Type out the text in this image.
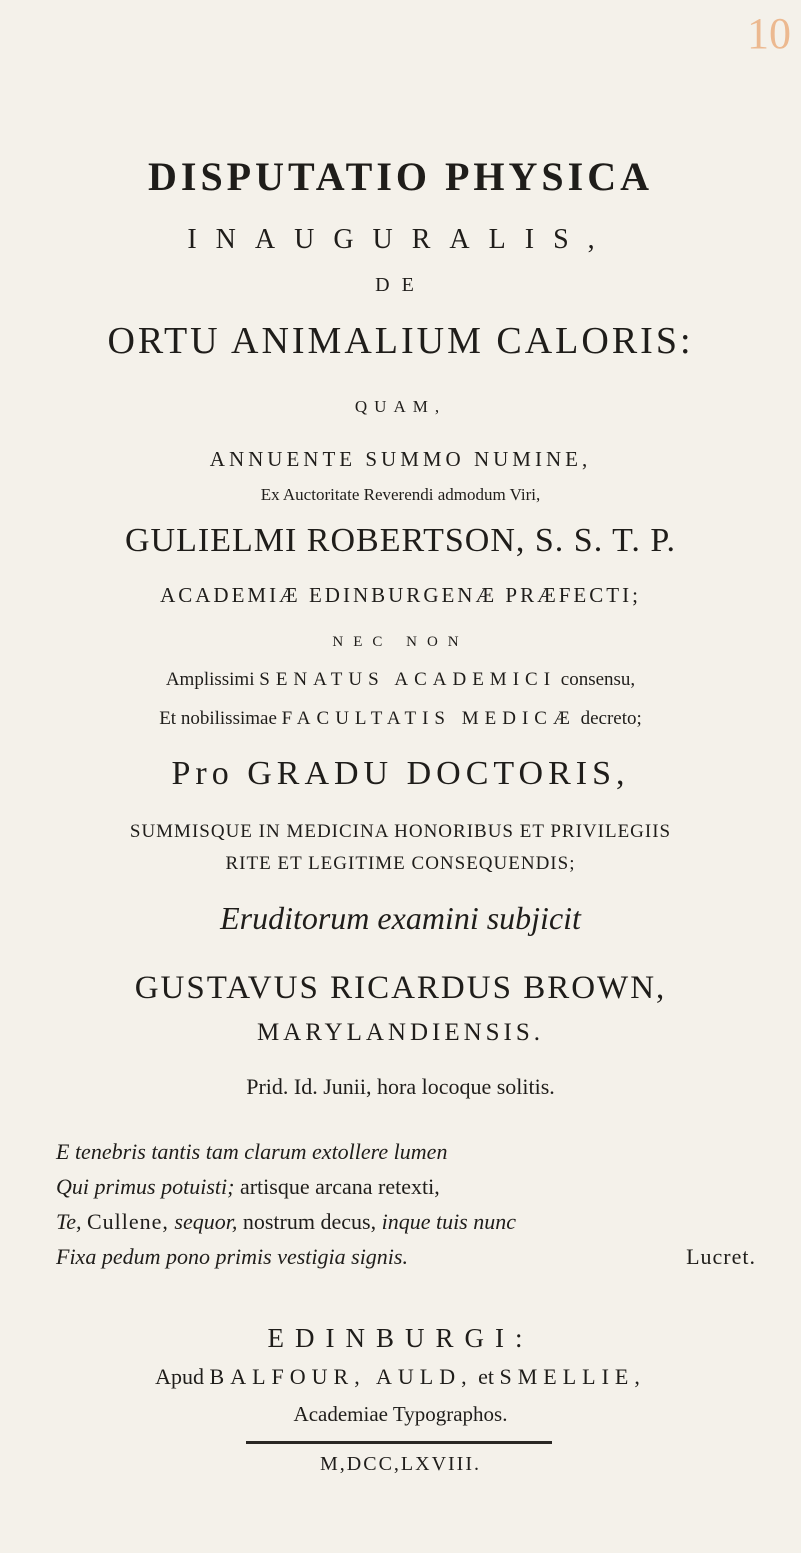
10
DISPUTATIO PHYSICA
INAUGURALIS,
DE
ORTU ANIMALIUM CALORIS:
QUAM,
ANNUENTE SUMMO NUMINE,
Ex Auctoritate Reverendi admodum Viri,
GULIELMI ROBERTSON, S. S. T. P.
ACADEMIÆ EDINBURGENÆ PRÆFECTI;
NEC NON
Amplissimi SENATUS ACADEMICI consensu,
Et nobilissimae FACULTATIS MEDICÆ decreto;
Pro GRADU DOCTORIS,
SUMMISQUE IN MEDICINA HONORIBUS ET PRIVILEGIIS
RITE ET LEGITIME CONSEQUENDIS;
Eruditorum examini subjicit
GUSTAVUS RICARDUS BROWN,
MARYLANDIENSIS.
Prid. Id. Junii, hora locoque solitis.
E tenebris tantis tam clarum extollere lumen
Qui primus potuisti; artisque arcana retexti,
Te, Cullene, sequor, nostrum decus, inque tuis nunc
Fixa pedum pono primis vestigia signis.	Lucret.
EDINBURGI:
Apud BALFOUR, AULD, et SMELLIE,
Academiae Typographos.
M,DCC,LXVIII.
